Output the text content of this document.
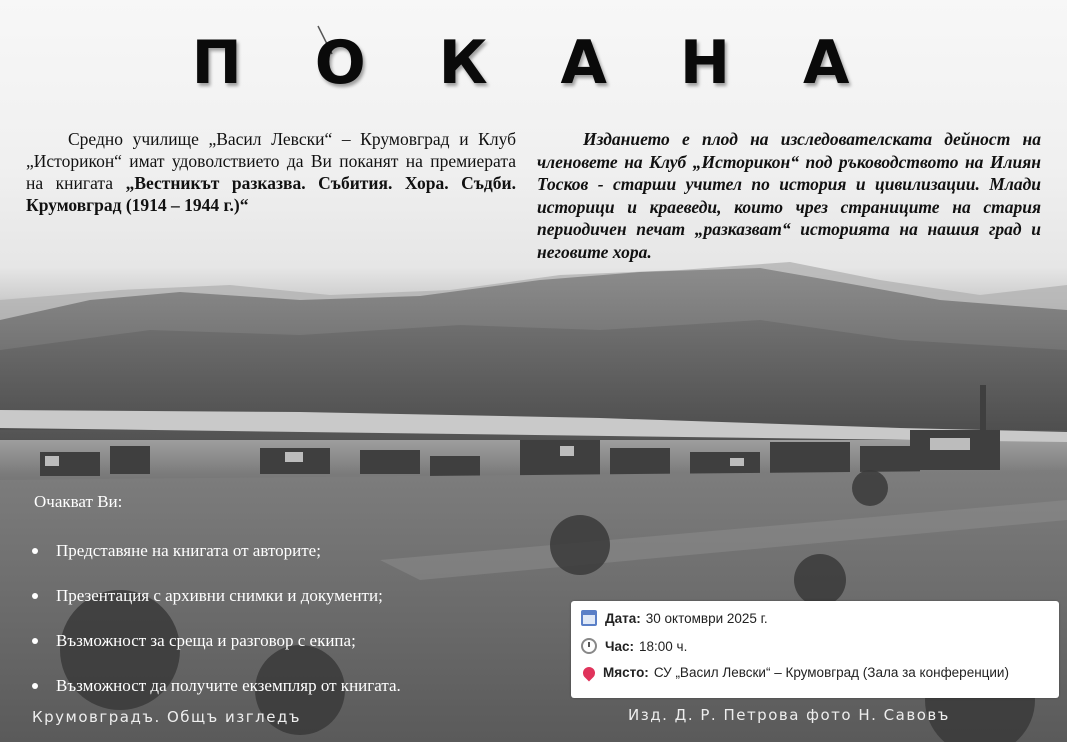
П О К А Н А
Средно училище „Васил Левски“ – Крумовград и Клуб „Историкон“ имат удоволствието да Ви поканят на премиерата на книгата „Вестникът разказва. Събития. Хора. Съдби. Крумовград (1914 – 1944 г.)“
Изданието е плод на изследователската дейност на членовете на Клуб „Историкон“ под ръководството на Илиян Тосков - старши учител по история и цивилизации. Млади историци и краеведи, които чрез страниците на стария периодичен печат „разказват“ историята на нашия град и неговите хора.
Очакват Ви:
Представяне на книгата от авторите;
Презентация с архивни снимки и документи;
Възможност за среща и разговор с екипа;
Възможност да получите екземпляр от книгата.
Дата: 30 октомври 2025 г.
Час: 18:00 ч.
Място: СУ „Васил Левски“ – Крумовград (Зала за конференции)
Крумовградъ. Общъ изгледъ	Изд. Д. Р. Петрова фото Н. Савовъ
